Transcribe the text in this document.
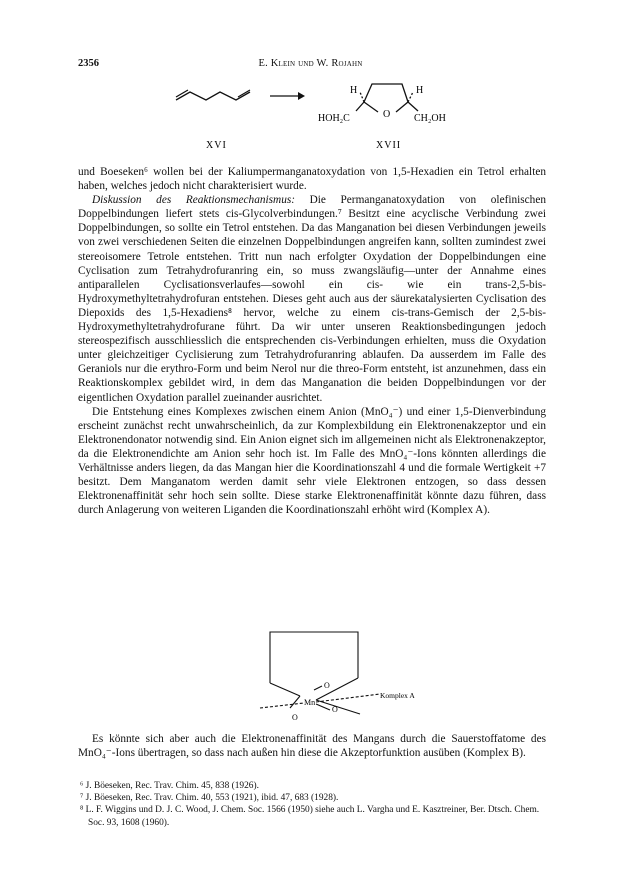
2356	E. Klein und W. Rojahn
H	H
O
HOH₂C	CH₂OH
XVI	XVII

und Boeseken⁶ wollen bei der Kaliumpermanganatoxydation von 1,5-Hexadien ein Tetrol erhalten haben, welches jedoch nicht charakterisiert wurde.

Diskussion des Reaktionsmechanismus: Die Permanganatoxydation von olefinischen Doppelbindungen liefert stets cis-Glycolverbindungen.⁷ Besitzt eine acyclische Verbindung zwei Doppelbindungen, so sollte ein Tetrol entstehen. Da das Manganation bei diesen Verbindungen jeweils von zwei verschiedenen Seiten die einzelnen Doppelbindungen angreifen kann, sollten zumindest zwei stereoisomere Tetrole entstehen. Tritt nun nach erfolgter Oxydation der Doppelbindungen eine Cyclisation zum Tetrahydrofuranring ein, so muss zwangsläufig—unter der Annahme eines antiparallelen Cyclisationsverlaufes—sowohl ein cis- wie ein trans-2,5-bis-Hydroxymethyltetrahydrofuran entstehen. Dieses geht auch aus der säurekatalysierten Cyclisation des Diepoxids des 1,5-Hexadiens⁸ hervor, welche zu einem cis-trans-Gemisch der 2,5-bis-Hydroxymethyltetrahydrofurane führt. Da wir unter unseren Reaktionsbedingungen jedoch stereospezifisch ausschliesslich die entsprechenden cis-Verbindungen erhielten, muss die Oxydation unter gleichzeitiger Cyclisierung zum Tetrahydrofuranring ablaufen. Da ausserdem im Falle des Geraniols nur die erythro-Form und beim Nerol nur die threo-Form entsteht, ist anzunehmen, dass ein Reaktionskomplex gebildet wird, in dem das Manganation die beiden Doppelbindungen vor der eigentlichen Oxydation parallel zueinander ausrichtet.

Die Entstehung eines Komplexes zwischen einem Anion (MnO₄⁻) und einer 1,5-Dienverbindung erscheint zunächst recht unwahrscheinlich, da zur Komplexbildung ein Elektronenakzeptor und ein Elektronendonator notwendig sind. Ein Anion eignet sich im allgemeinen nicht als Elektronenakzeptor, da die Elektronendichte am Anion sehr hoch ist. Im Falle des MnO₄⁻-Ions könnten allerdings die Verhältnisse anders liegen, da das Mangan hier die Koordinationszahl 4 und die formale Wertigkeit +7 besitzt. Dem Manganatom werden damit sehr viele Elektronen entzogen, so dass dessen Elektronenaffinität sehr hoch sein sollte. Diese starke Elektronenaffinität könnte dazu führen, dass durch Anlagerung von weiteren Liganden die Koordinationszahl erhöht wird (Komplex A).

Mn
O
O
O
Komplex A

Es könnte sich aber auch die Elektronenaffinität des Mangans durch die Sauerstoffatome des MnO₄⁻-Ions übertragen, so dass nach außen hin diese die Akzeptorfunktion ausüben (Komplex B).

⁶ J. Böeseken, Rec. Trav. Chim. 45, 838 (1926).

⁷ J. Böeseken, Rec. Trav. Chim. 40, 553 (1921), ibid. 47, 683 (1928).

⁸ L. F. Wiggins und D. J. C. Wood, J. Chem. Soc. 1566 (1950) siehe auch L. Vargha und E. Kasztreiner, Ber. Dtsch. Chem. Soc. 93, 1608 (1960).
